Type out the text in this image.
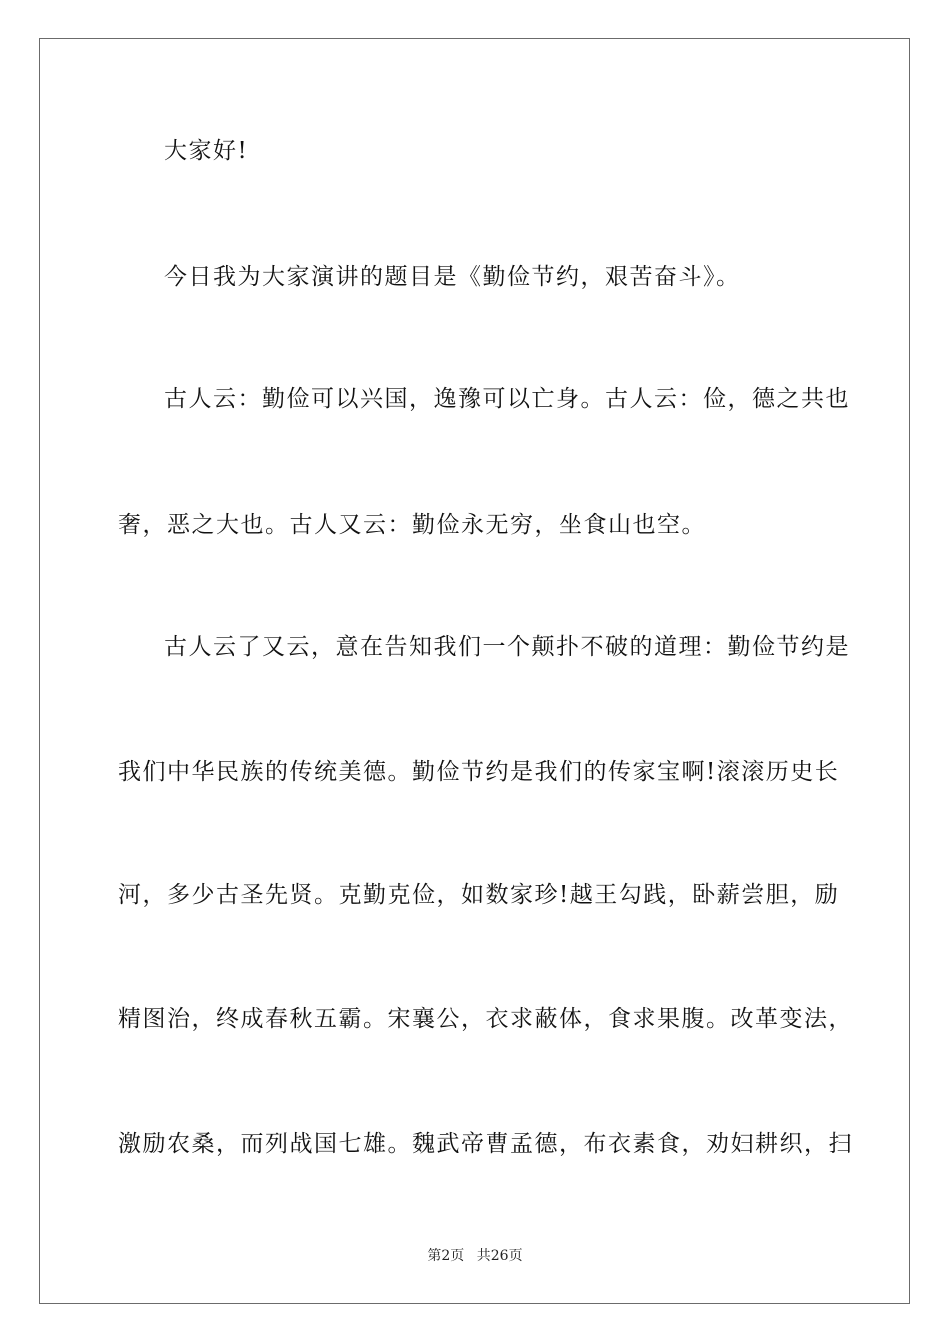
大家好!
今日我为大家演讲的题目是《勤俭节约，艰苦奋斗》。
古人云：勤俭可以兴国，逸豫可以亡身。古人云：俭，德之共也
奢，恶之大也。古人又云：勤俭永无穷，坐食山也空。
古人云了又云，意在告知我们一个颠扑不破的道理：勤俭节约是
我们中华民族的传统美德。勤俭节约是我们的传家宝啊!滚滚历史长
河，多少古圣先贤。克勤克俭，如数家珍!越王勾践，卧薪尝胆，励
精图治，终成春秋五霸。宋襄公，衣求蔽体，食求果腹。改革变法，
激励农桑，而列战国七雄。魏武帝曹孟德，布衣素食，劝妇耕织，扫
第2页 共26页
